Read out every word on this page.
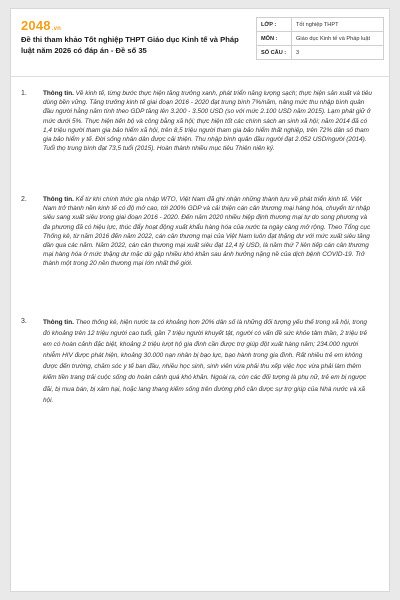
2048.vn
Đề thi tham khảo Tốt nghiệp THPT Giáo dục Kinh tế và Pháp luật năm 2026 có đáp án - Đề số 35
LỚP :	Tốt nghiệp THPT
MÔN :	Giáo dục Kinh tế và Pháp luật
SỐ CÂU :	3
1.	Thông tin. Về kinh tế, từng bước thực hiện tăng trưởng xanh, phát triển năng lượng sạch; thực hiện sản xuất và tiêu dùng bền vững. Tăng trưởng kinh tế giai đoạn 2016 - 2020 đạt trung bình 7%/năm, nâng mức thu nhập bình quân đầu người hằng năm tính theo GDP tăng lên 3.200 - 3.500 USD (so với mức 2.100 USD năm 2015). Lạm phát giữ ở mức dưới 5%. Thực hiện tiến bộ và công bằng xã hội; thực hiện tốt các chính sách an sinh xã hội; năm 2014 đã có 1,4 triệu người tham gia bảo hiểm xã hội, trên 8,5 triệu người tham gia bảo hiểm thất nghiệp, trên 72% dân số tham gia bảo hiểm y tế. Đời sống nhân dân được cải thiện. Thu nhập bình quân đầu người đạt 2.052 USD/người (2014). Tuổi thọ trung bình đạt 73,5 tuổi (2015). Hoàn thành nhiều mục tiêu Thiên niên kỷ.
2.	Thông tin. Kể từ khi chính thức gia nhập WTO, Việt Nam đã ghi nhận những thành tựu về phát triển kinh tế. Việt Nam trở thành nền kinh tế có độ mở cao, tới 200% GDP và cải thiện cán cân thương mại hàng hóa, chuyển từ nhập siêu sang xuất siêu trong giai đoạn 2016 - 2020. Đến năm 2020 nhiều hiệp định thương mại tự do song phương và đa phương đã có hiệu lực, thúc đẩy hoạt động xuất khẩu hàng hóa của nước ta ngày càng mở rộng. Theo Tổng cục Thống kê, từ năm 2016 đến năm 2022, cán cân thương mại của Việt Nam luôn đạt thặng dư với mức xuất siêu tăng dần qua các năm. Năm 2022, cán cân thương mại xuất siêu đạt 12,4 tỷ USD, là năm thứ 7 liên tiếp cán cân thương mại hàng hóa ở mức thặng dư mặc dù gặp nhiều khó khăn sau ảnh hưởng nặng nề của dịch bệnh COVID-19. Trở thành một trong 20 nền thương mại lớn nhất thế giới.
3.	Thông tin. Theo thống kê, hiện nước ta có khoảng hơn 20% dân số là những đối tượng yếu thế trong xã hội, trong đó khoảng trên 12 triệu người cao tuổi, gần 7 triệu người khuyết tật, người có vấn đề sức khỏe tâm thần, 2 triệu trẻ em có hoàn cảnh đặc biệt, khoảng 2 triệu lượt hộ gia đình cần được trợ giúp đột xuất hàng năm; 234.000 người nhiễm HIV được phát hiện, khoảng 30.000 nạn nhân bị bạo lực, bạo hành trong gia đình. Rất nhiều trẻ em không được đến trường, chăm sóc y tế ban đầu, nhiều học sinh, sinh viên vừa phải thu xếp việc học vừa phải làm thêm kiếm tiền trang trải cuộc sống do hoàn cảnh quá khó khăn. Ngoài ra, còn các đối tượng là phụ nữ, trẻ em bị ngược đãi, bị mua bán, bị xâm hại, hoặc lang thang kiếm sống trên đường phố cần được sự trợ giúp của Nhà nước và xã hội.
